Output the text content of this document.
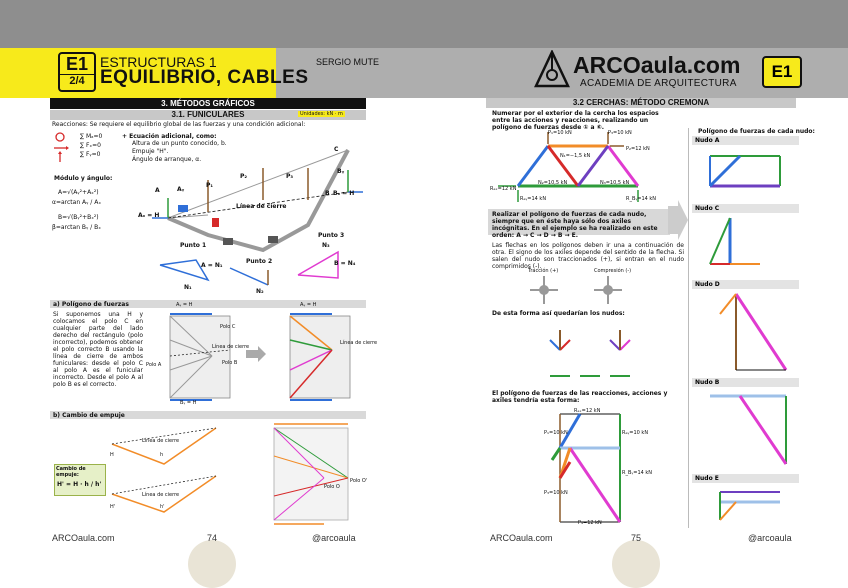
E1
2/4
ESTRUCTURAS 1
EQUILIBRIO, CABLES
SERGIO MUTE	ARCOaula.com
ACADEMIA DE ARQUITECTURA
E1
3. MÉTODOS GRÁFICOS
3.1. FUNICULARES	Unidades: kN · m
Reacciones: Se requiere el equilibrio global de las fuerzas y una condición adicional:
∑ Mₐ=0
∑ Fₓ=0
∑ Fᵧ=0
+ Ecuación adicional, como:
Altura de un punto conocido, b.
Empuje "H".
Ángulo de arranque, α.
Módulo y ángulo:
A=√(Aᵧ²+Aₓ²)
α=arctan Aᵧ / Aₓ
B=√(Bᵧ²+Bₓ²)
β=arctan Bᵧ / Bₓ
A	Aᵧ
P₁
P₂	P₃
C
Bᵧ
Bₓ = H
B
Aₓ = H
Línea de cierre
Punto 1
Punto 2
Punto 3
A = N₁	B = N₄
N₁
N₂
N₃
a) Polígono de fuerzas
Si suponemos una H y colocamos el polo C en cualquier parte del lado derecho del rectángulo (polo incorrecto), podemos obtener el polo correcto B usando la línea de cierre de ambos funiculares: desde el polo C al polo A es el funicular incorrecto. Desde el polo A al polo B es el correcto.
Aᵧ = H	Aᵧ = H
Polo C
Línea de cierre
Polo A	Polo B
Bᵧ = H
Línea de cierre
b) Cambio de empuje
Cambio de empuje:
H' = H · h / h'
H
H'
h
h'
Línea de cierre
Línea de cierre
Polo O
Polo O'
ARCOaula.com	74	@arcoaula
3.2 CERCHAS: MÉTODO CREMONA
Numerar por el exterior de la cercha los espacios entre las acciones y reacciones, realizando un polígono de fuerzas desde ① a ⑥.
P₁=10 kN	P₃=10 kN
P₂=12 kN
N₁=−1,5 kN
N₂=10,5 kN	N₃=10,5 kN
Rₐₓ=12 kN
Rₐᵧ=14 kN	R_Bᵧ=14 kN
Realizar el polígono de fuerzas de cada nudo, siempre que en éste haya sólo dos axiles incógnitas. En el ejemplo se ha realizado en este orden: A → C → D → B → E.
Las flechas en los polígonos deben ir una a continuación de otra. El signo de los axiles depende del sentido de la flecha. Si salen del nudo son traccionados (+), si entran en el nudo comprimidos (-).
Tracción (+)	Compresión (-)
De esta forma así quedarían los nudos:
El polígono de fuerzas de las reacciones, acciones y axiles tendría esta forma:
Rₐₓ=12 kN
P₄=12 kN
Rₐᵧ=10 kN
R_Bᵧ=14 kN
P₁=10 kN
P₃=10 kN
Polígono de fuerzas de cada nudo:
Nudo A
Nudo C
Nudo D
Nudo B
Nudo E
ARCOaula.com	75	@arcoaula
